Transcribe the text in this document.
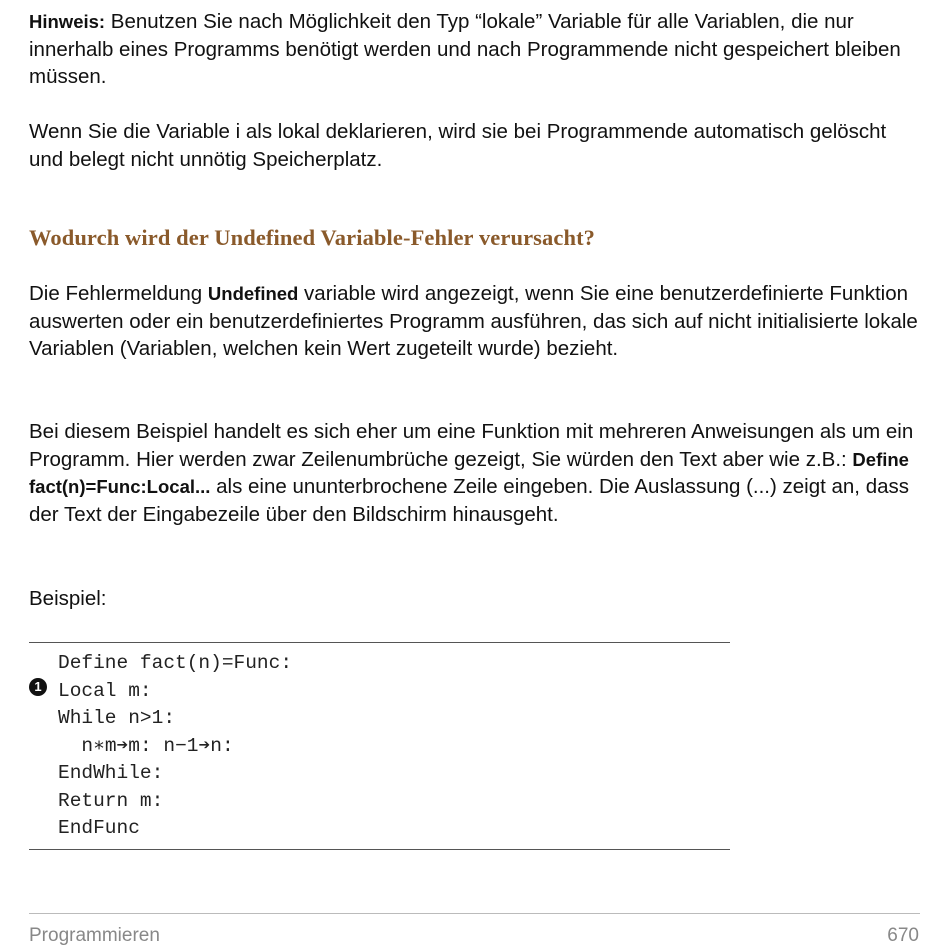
Hinweis: Benutzen Sie nach Möglichkeit den Typ “lokale” Variable für alle Variablen, die nur innerhalb eines Programms benötigt werden und nach Programmende nicht gespeichert bleiben müssen.

Wenn Sie die Variable i als lokal deklarieren, wird sie bei Programmende automatisch gelöscht und belegt nicht unnötig Speicherplatz.

Wodurch wird der Undefined Variable-Fehler verursacht?

Die Fehlermeldung Undefined variable wird angezeigt, wenn Sie eine benutzerdefinierte Funktion auswerten oder ein benutzerdefiniertes Programm ausführen, das sich auf nicht initialisierte lokale Variablen (Variablen, welchen kein Wert zugeteilt wurde) bezieht.

Bei diesem Beispiel handelt es sich eher um eine Funktion mit mehreren Anweisungen als um ein Programm. Hier werden zwar Zeilenumbrüche gezeigt, Sie würden den Text aber wie z.B.: Define fact(n)=Func:Local... als eine ununterbrochene Zeile eingeben. Die Auslassung (...) zeigt an, dass der Text der Eingabezeile über den Bildschirm hinausgeht.

Beispiel:

1
Define fact(n)=Func:
Local m:
While n>1:
n∗m➔m: n−1➔n:
EndWhile:
Return m:
EndFunc
Programmieren	670
